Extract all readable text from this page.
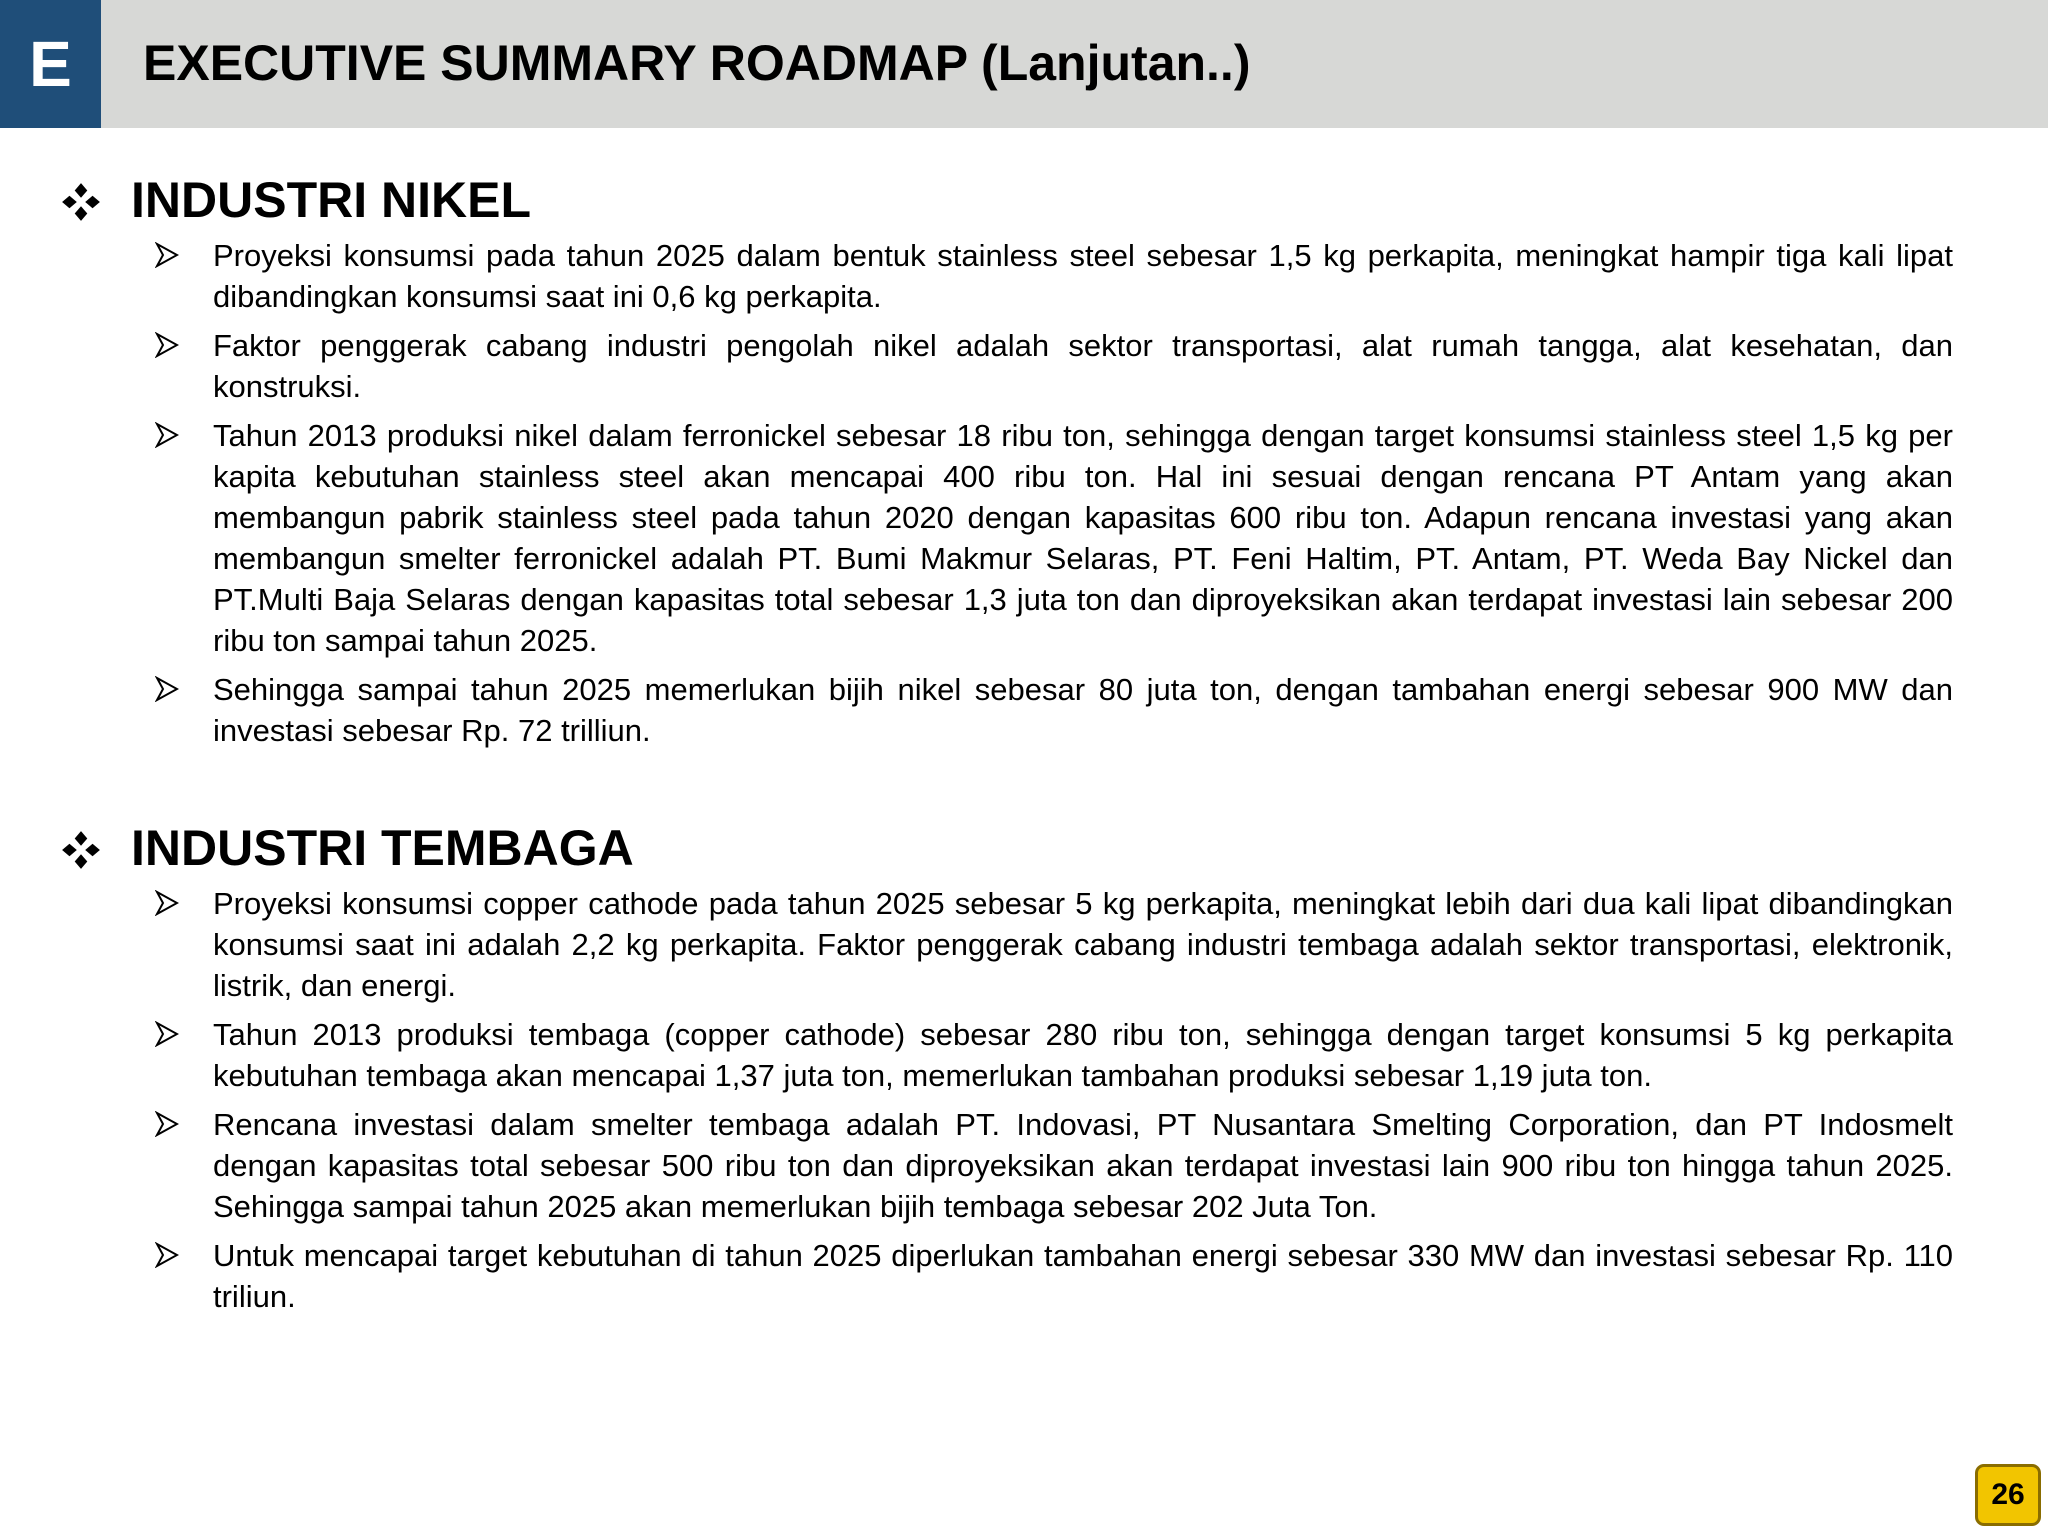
E	EXECUTIVE SUMMARY ROADMAP (Lanjutan..)
INDUSTRI NIKEL
Proyeksi konsumsi pada tahun 2025 dalam bentuk stainless steel sebesar 1,5 kg perkapita, meningkat hampir tiga kali lipat dibandingkan konsumsi saat ini 0,6 kg perkapita.
Faktor penggerak cabang industri pengolah nikel adalah sektor transportasi, alat rumah tangga, alat kesehatan, dan konstruksi.
Tahun 2013 produksi nikel dalam ferronickel sebesar 18 ribu ton, sehingga dengan target konsumsi stainless steel 1,5 kg per kapita kebutuhan stainless steel akan mencapai 400 ribu ton. Hal ini sesuai dengan rencana PT Antam yang akan membangun pabrik stainless steel pada tahun 2020 dengan kapasitas 600 ribu ton. Adapun rencana investasi yang akan membangun smelter ferronickel adalah PT. Bumi Makmur Selaras, PT. Feni Haltim, PT. Antam, PT. Weda Bay Nickel dan PT.Multi Baja Selaras dengan kapasitas total sebesar 1,3 juta ton dan diproyeksikan akan terdapat investasi lain sebesar 200 ribu ton sampai tahun 2025.
Sehingga sampai tahun 2025 memerlukan bijih nikel sebesar 80 juta ton, dengan tambahan energi sebesar 900 MW dan investasi sebesar Rp. 72 trilliun.
INDUSTRI TEMBAGA
Proyeksi konsumsi copper cathode pada tahun 2025 sebesar 5 kg perkapita, meningkat lebih dari dua kali lipat dibandingkan konsumsi saat ini adalah 2,2 kg perkapita. Faktor penggerak cabang industri tembaga adalah sektor transportasi, elektronik, listrik, dan energi.
Tahun 2013 produksi tembaga (copper cathode) sebesar 280 ribu ton, sehingga dengan target konsumsi 5 kg perkapita kebutuhan tembaga akan mencapai 1,37 juta ton, memerlukan tambahan produksi sebesar 1,19 juta ton.
Rencana investasi dalam smelter tembaga adalah PT. Indovasi, PT Nusantara Smelting Corporation, dan PT Indosmelt dengan kapasitas total sebesar 500 ribu ton dan diproyeksikan akan terdapat investasi lain 900 ribu ton hingga tahun 2025. Sehingga sampai tahun 2025 akan memerlukan bijih tembaga sebesar 202 Juta Ton.
Untuk mencapai target kebutuhan di tahun 2025 diperlukan tambahan energi sebesar 330 MW dan investasi sebesar Rp. 110 triliun.
26
